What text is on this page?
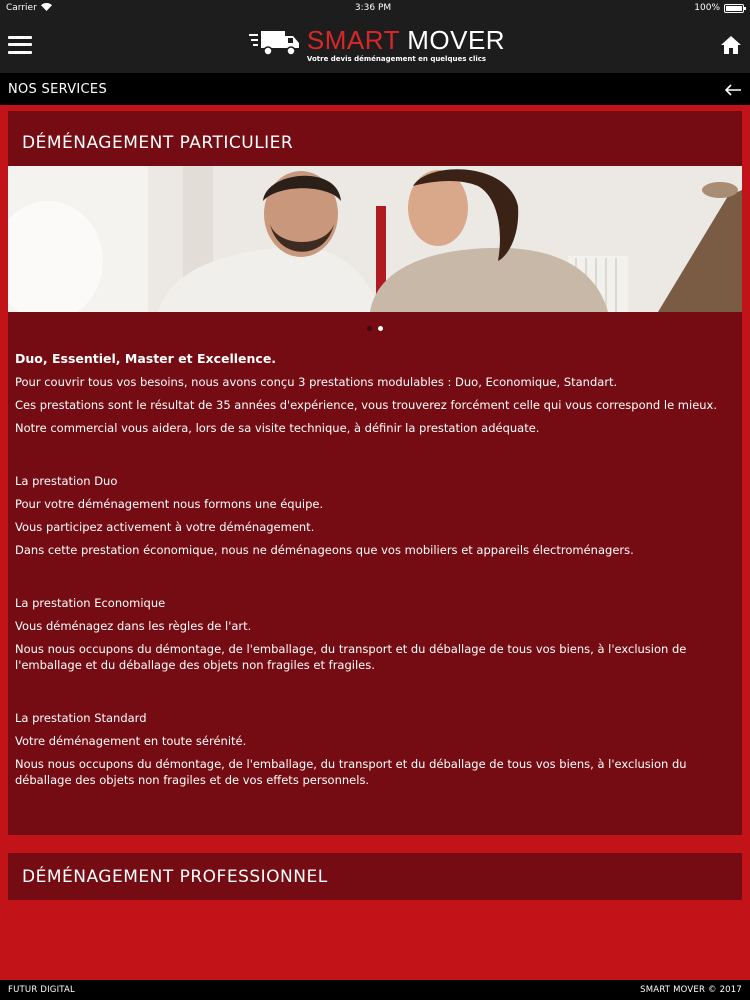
Carrier	3:36 PM	100%
SMART MOVER
Votre devis déménagement en quelques clics
NOS SERVICES
DÉMÉNAGEMENT PARTICULIER

Duo, Essentiel, Master et Excellence.

Pour couvrir tous vos besoins, nous avons conçu 3 prestations modulables : Duo, Economique, Standart.

Ces prestations sont le résultat de 35 années d'expérience, vous trouverez forcément celle qui vous correspond le mieux.

Notre commercial vous aidera, lors de sa visite technique, à définir la prestation adéquate.

La prestation Duo

Pour votre déménagement nous formons une équipe.

Vous participez activement à votre déménagement.

Dans cette prestation économique, nous ne déménageons que vos mobiliers et appareils électroménagers.

La prestation Economique

Vous déménagez dans les règles de l'art.

Nous nous occupons du démontage, de l'emballage, du transport et du déballage de tous vos biens, à l'exclusion de l'emballage et du déballage des objets non fragiles et fragiles.

La prestation Standard

Votre déménagement en toute sérénité.

Nous nous occupons du démontage, de l'emballage, du transport et du déballage de tous vos biens, à l'exclusion du déballage des objets non fragiles et de vos effets personnels.

DÉMÉNAGEMENT PROFESSIONNEL
FUTUR DIGITAL	SMART MOVER © 2017
